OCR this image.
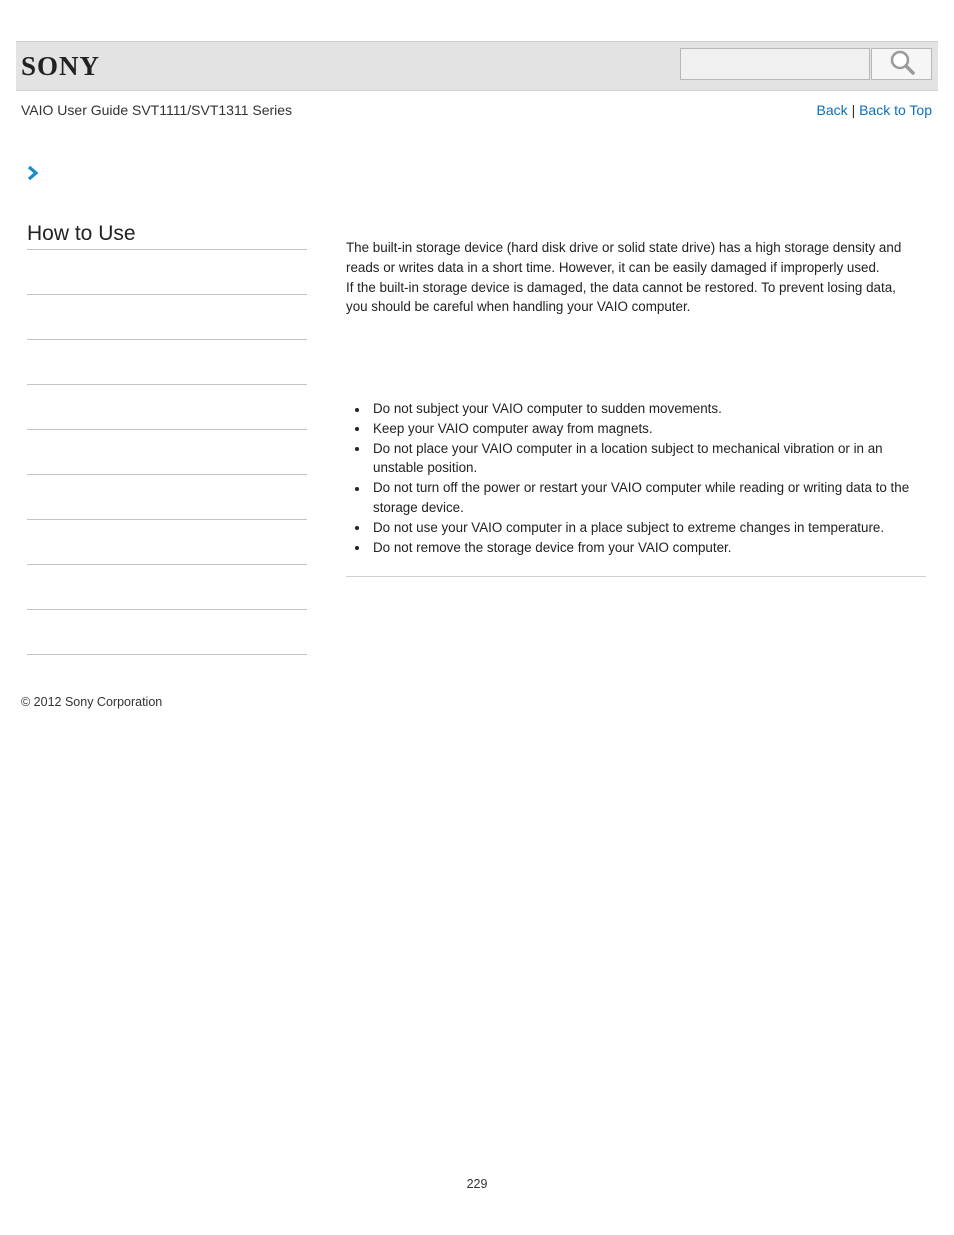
SONY
VAIO User Guide SVT1111/SVT1311 Series	Back | Back to Top
How to Use

The built-in storage device (hard disk drive or solid state drive) has a high storage density and reads or writes data in a short time. However, it can be easily damaged if improperly used.

If the built-in storage device is damaged, the data cannot be restored. To prevent losing data, you should be careful when handling your VAIO computer.

Do not subject your VAIO computer to sudden movements.
Keep your VAIO computer away from magnets.
Do not place your VAIO computer in a location subject to mechanical vibration or in an unstable position.
Do not turn off the power or restart your VAIO computer while reading or writing data to the storage device.
Do not use your VAIO computer in a place subject to extreme changes in temperature.
Do not remove the storage device from your VAIO computer.
© 2012 Sony Corporation
229
